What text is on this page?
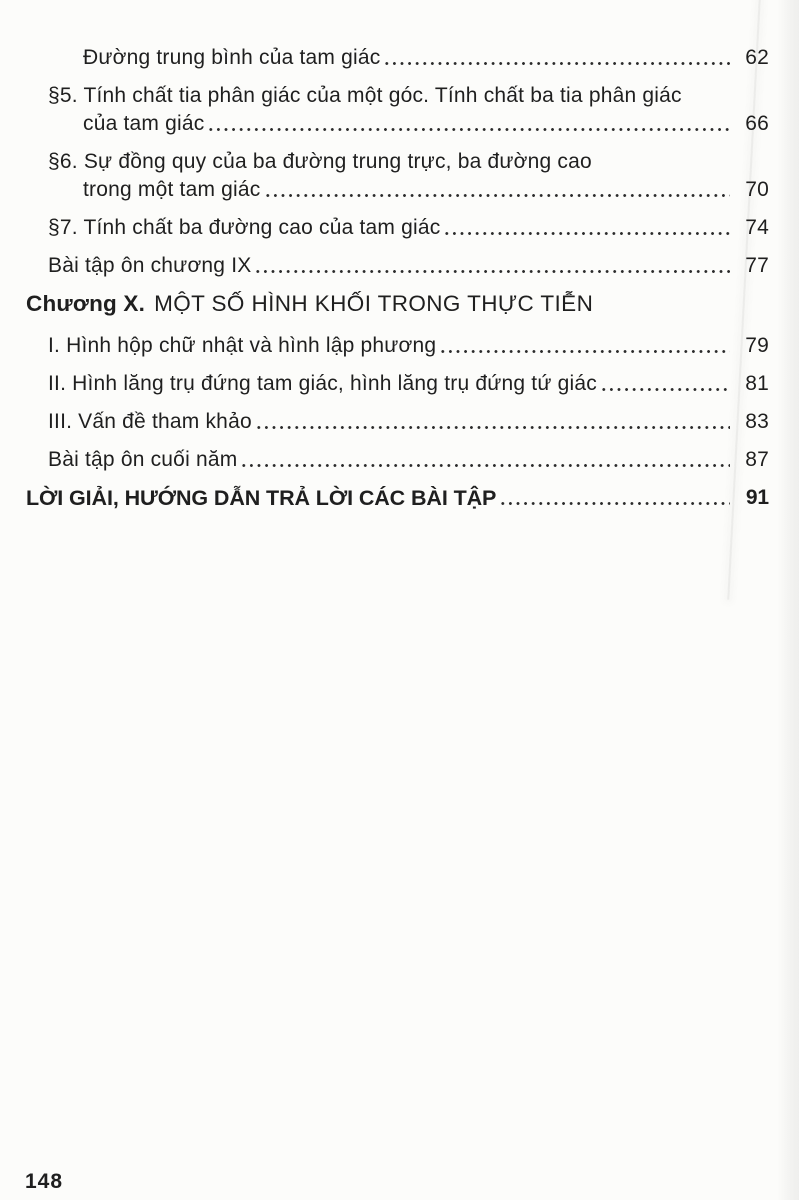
Đường trung bình của tam giác	62
§5. Tính chất tia phân giác của một góc. Tính chất ba tia phân giác
của tam giác	66
§6. Sự đồng quy của ba đường trung trực, ba đường cao
trong một tam giác	70
§7. Tính chất ba đường cao của tam giác	74
Bài tập ôn chương IX	77
Chương X. MỘT SỐ HÌNH KHỐI TRONG THỰC TIỄN
I. Hình hộp chữ nhật và hình lập phương	79
II. Hình lăng trụ đứng tam giác, hình lăng trụ đứng tứ giác	81
III. Vấn đề tham khảo	83
Bài tập ôn cuối năm	87
LỜI GIẢI, HƯỚNG DẪN TRẢ LỜI CÁC BÀI TẬP	91
148
